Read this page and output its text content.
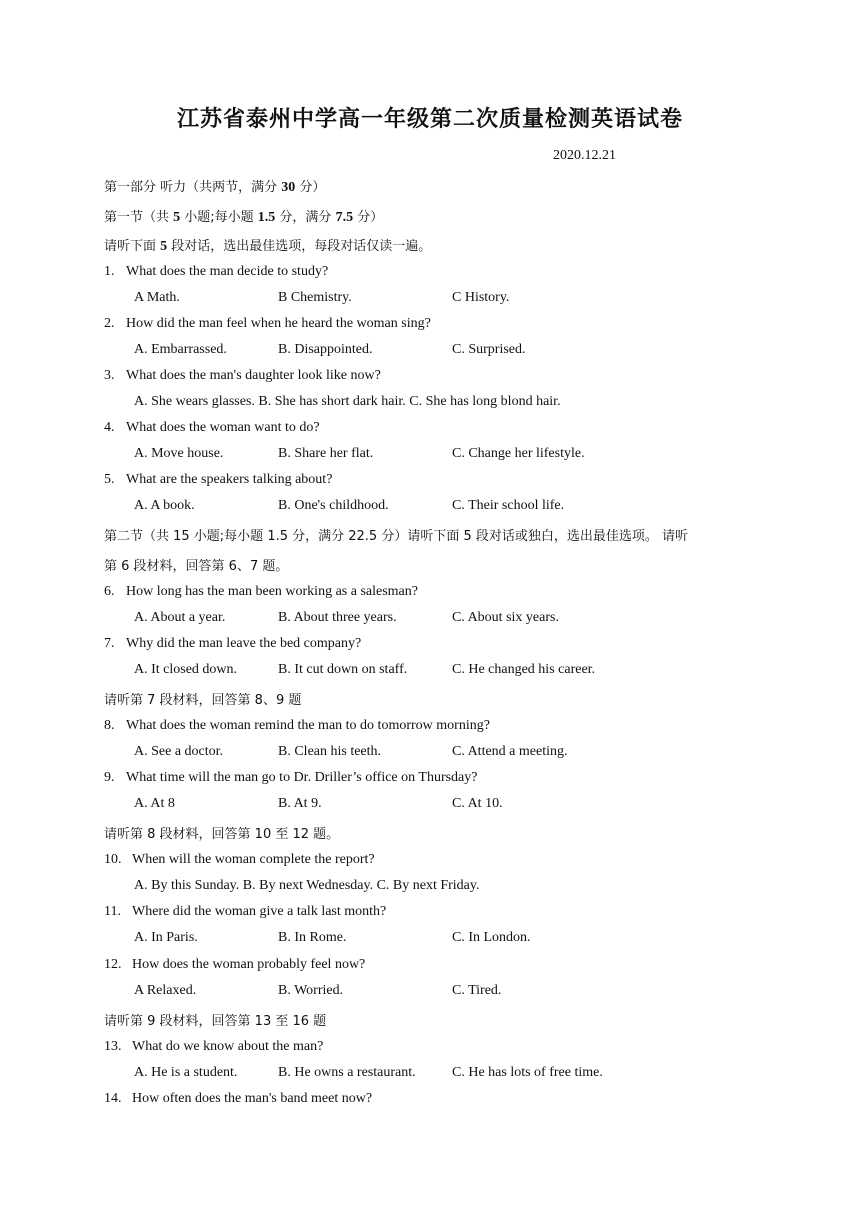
江苏省泰州中学高一年级第二次质量检测英语试卷
2020.12.21
第一部分 听力（共两节，满分 30 分）
第一节（共 5 小题;每小题 1.5 分，满分 7.5 分）
请听下面 5 段对话，选出最佳选项，每段对话仅读一遍。
1. What does the man decide to study?
A Math.	B Chemistry.	C History.
2. How did the man feel when he heard the woman sing?
A. Embarrassed.	B. Disappointed.	C. Surprised.
3. What does the man's daughter look like now?
A. She wears glasses. B. She has short dark hair. C. She has long blond hair.
4. What does the woman want to do?
A. Move house.	B. Share her flat.	C. Change her lifestyle.
5. What are the speakers talking about?
A. A book.	B. One's childhood.	C. Their school life.
第二节（共 15 小题;每小题 1.5 分，满分 22.5 分）请听下面 5 段对话或独白，选出最佳选项。 请听
第 6 段材料，回答第 6、7 题。
6. How long has the man been working as a salesman?
A. About a year.	B. About three years.	C. About six years.
7. Why did the man leave the bed company?
A. It closed down.	B. It cut down on staff.	C. He changed his career.
请听第 7 段材料，回答第 8、9 题
8. What does the woman remind the man to do tomorrow morning?
A. See a doctor.	B. Clean his teeth.	C. Attend a meeting.
9. What time will the man go to Dr. Driller’s office on Thursday?
A. At 8	B. At 9.	C. At 10.
请听第 8 段材料，回答第 10 至 12 题。
10. When will the woman complete the report?
A. By this Sunday. B. By next Wednesday. C. By next Friday.
11. Where did the woman give a talk last month?
A. In Paris.	B. In Rome.	C. In London.
12. How does the woman probably feel now?
A Relaxed.	B. Worried.	C. Tired.
请听第 9 段材料，回答第 13 至 16 题
13. What do we know about the man?
A. He is a student.	B. He owns a restaurant.	C. He has lots of free time.
14. How often does the man's band meet now?
